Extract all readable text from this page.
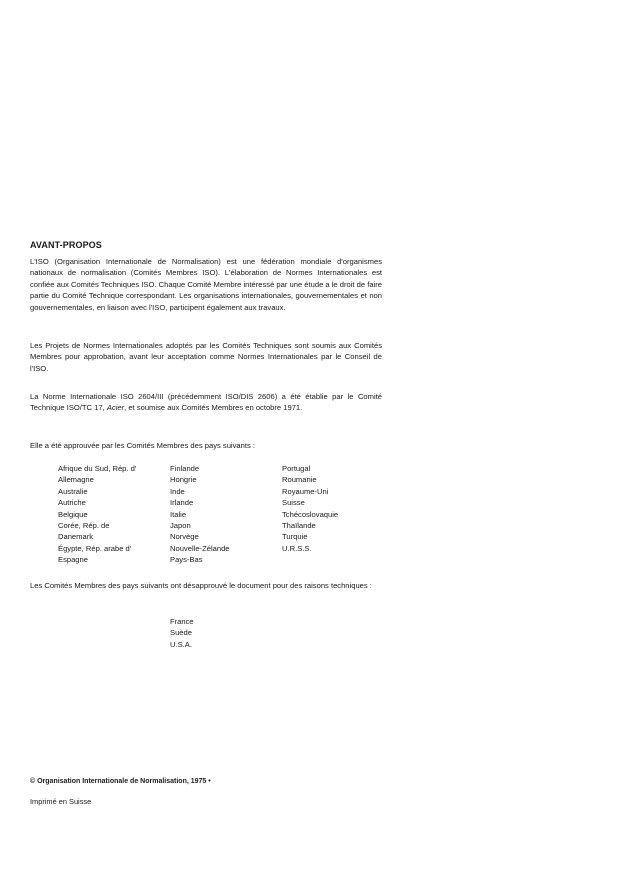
AVANT-PROPOS

L'ISO (Organisation Internationale de Normalisation) est une fédération mondiale d'organismes nationaux de normalisation (Comités Membres ISO). L'élaboration de Normes Internationales est confiée aux Comités Techniques ISO. Chaque Comité Membre intéressé par une étude a le droit de faire partie du Comité Technique correspondant. Les organisations internationales, gouvernementales et non gouvernementales, en liaison avec l'ISO, participent également aux travaux.

Les Projets de Normes Internationales adoptés par les Comités Techniques sont soumis aux Comités Membres pour approbation, avant leur acceptation comme Normes Internationales par le Conseil de l'ISO.

La Norme Internationale ISO 2604/III (précédemment ISO/DIS 2606) a été établie par le Comité Technique ISO/TC 17, Acier, et soumise aux Comités Membres en octobre 1971.

Elle a été approuvée par les Comités Membres des pays suivants :

Afrique du Sud, Rép. d'
Allemagne
Australie
Autriche
Belgique
Corée, Rép. de
Danemark
Égypte, Rép. arabe d'
Espagne
Finlande
Hongrie
Inde
Irlande
Italie
Japon
Norvège
Nouvelle-Zélande
Pays-Bas
Portugal
Roumanie
Royaume-Uni
Suisse
Tchécoslovaquie
Thaïlande
Turquie
U.R.S.S.

Les Comités Membres des pays suivants ont désapprouvé le document pour des raisons techniques :

France
Suède
U.S.A.
© Organisation Internationale de Normalisation, 1975 •
Imprimé en Suisse
